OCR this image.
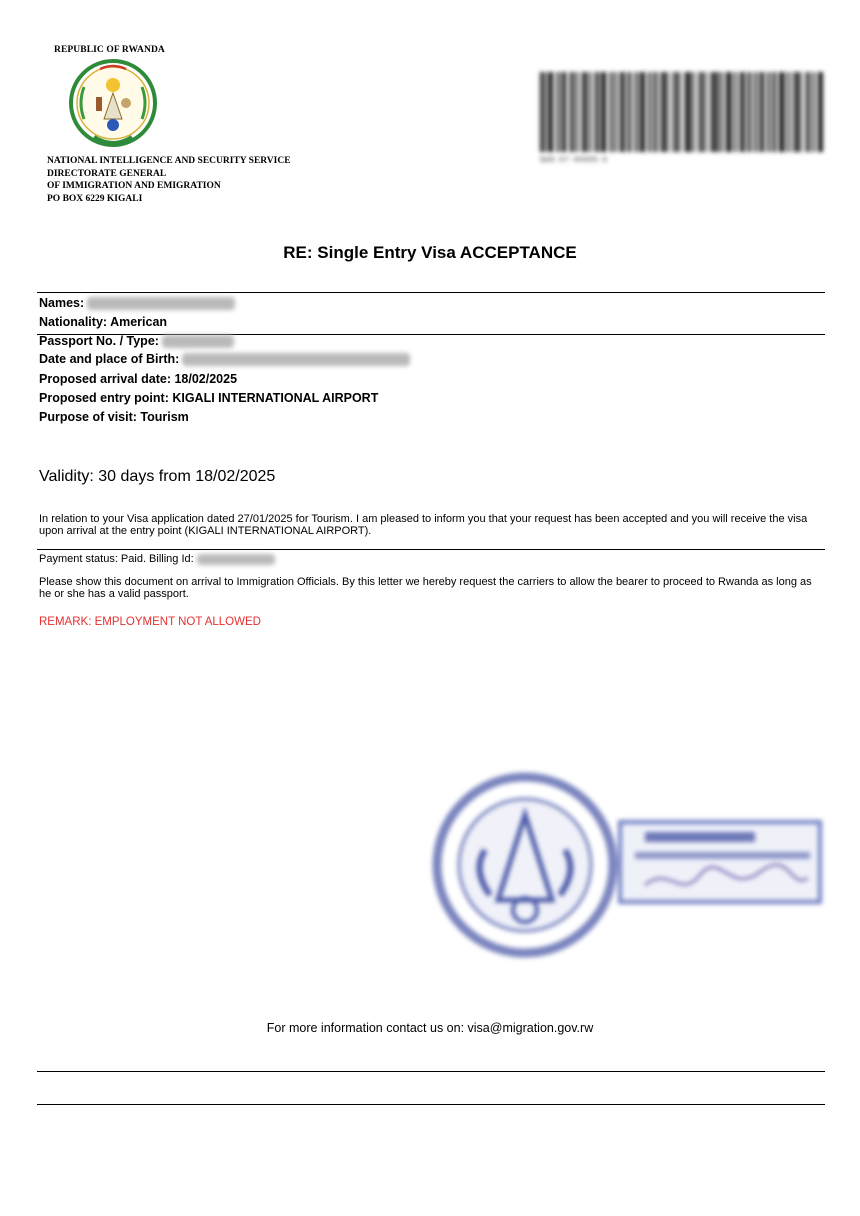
REPUBLIC OF RWANDA
NATIONAL INTELLIGENCE AND SECURITY SERVICE
DIRECTORATE GENERAL
OF IMMIGRATION AND EMIGRATION
PO BOX 6229 KIGALI
BAR-07-00000-0
RE: Single Entry Visa ACCEPTANCE
Names:
Nationality: American
Passport No. / Type:
Date and place of Birth:
Proposed arrival date: 18/02/2025
Proposed entry point: KIGALI INTERNATIONAL AIRPORT
Purpose of visit: Tourism
Validity: 30 days from 18/02/2025
In relation to your Visa application dated 27/01/2025 for Tourism. I am pleased to inform you that your request has been accepted and you will receive the visa upon arrival at the entry point (KIGALI INTERNATIONAL AIRPORT).
Payment status: Paid. Billing Id:
Please show this document on arrival to Immigration Officials. By this letter we hereby request the carriers to allow the bearer to proceed to Rwanda as long as he or she has a valid passport.
REMARK: EMPLOYMENT NOT ALLOWED
For more information contact us on: visa@migration.gov.rw
